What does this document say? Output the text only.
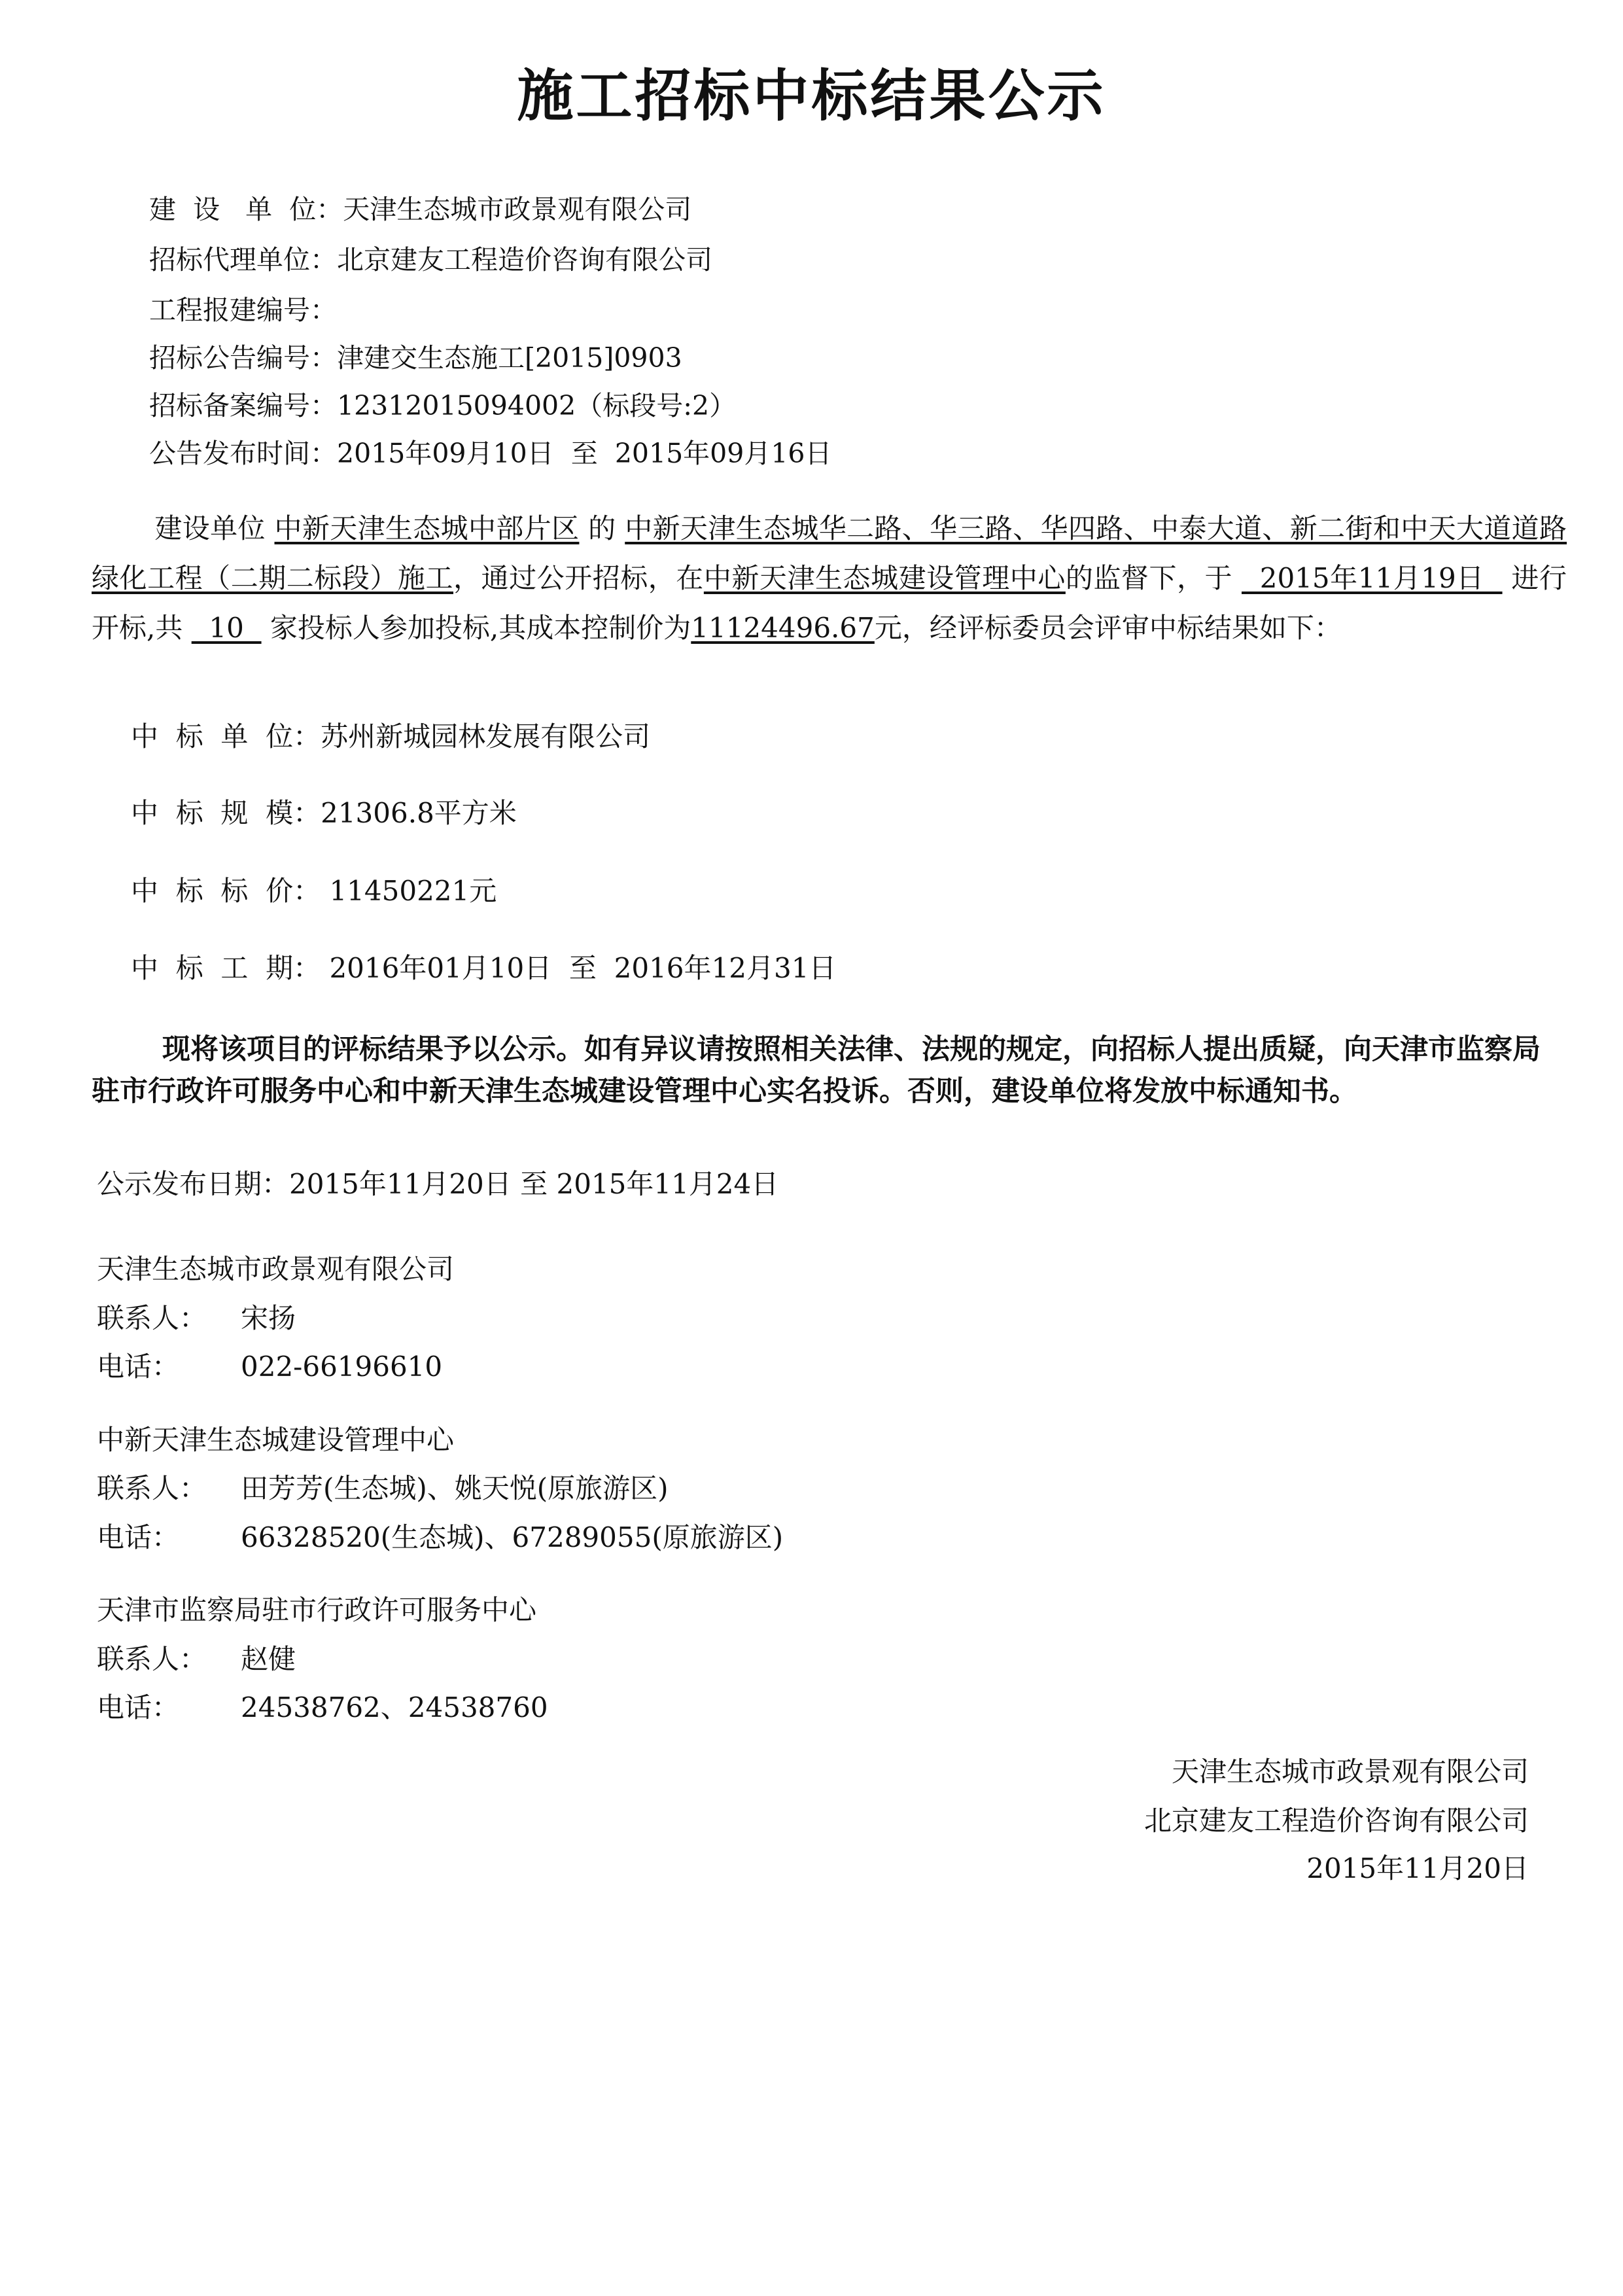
施工招标中标结果公示
建  设   单  位：天津生态城市政景观有限公司
招标代理单位：北京建友工程造价咨询有限公司
工程报建编号：
招标公告编号：津建交生态施工[2015]0903
招标备案编号：12312015094002（标段号:2）
公告发布时间：2015年09月10日  至  2015年09月16日
建设单位 中新天津生态城中部片区 的 中新天津生态城华二路、华三路、华四路、中泰大道、新二街和中天大道道路绿化工程（二期二标段）施工，通过公开招标，在中新天津生态城建设管理中心的监督下，于   2015年11月19日   进行开标,共   10   家投标人参加投标,其成本控制价为11124496.67元，经评标委员会评审中标结果如下：
中  标  单  位：苏州新城园林发展有限公司
中  标  规  模：21306.8平方米
中  标  标  价： 11450221元
中  标  工  期： 2016年01月10日  至  2016年12月31日
现将该项目的评标结果予以公示。如有异议请按照相关法律、法规的规定，向招标人提出质疑，向天津市监察局驻市行政许可服务中心和中新天津生态城建设管理中心实名投诉。否则，建设单位将发放中标通知书。
公示发布日期：2015年11月20日 至 2015年11月24日
天津生态城市政景观有限公司
联系人： 宋扬
电话： 022-66196610
中新天津生态城建设管理中心
联系人： 田芳芳(生态城)、姚天悦(原旅游区)
电话： 66328520(生态城)、67289055(原旅游区)
天津市监察局驻市行政许可服务中心
联系人： 赵健
电话： 24538762、24538760
天津生态城市政景观有限公司
北京建友工程造价咨询有限公司
2015年11月20日
